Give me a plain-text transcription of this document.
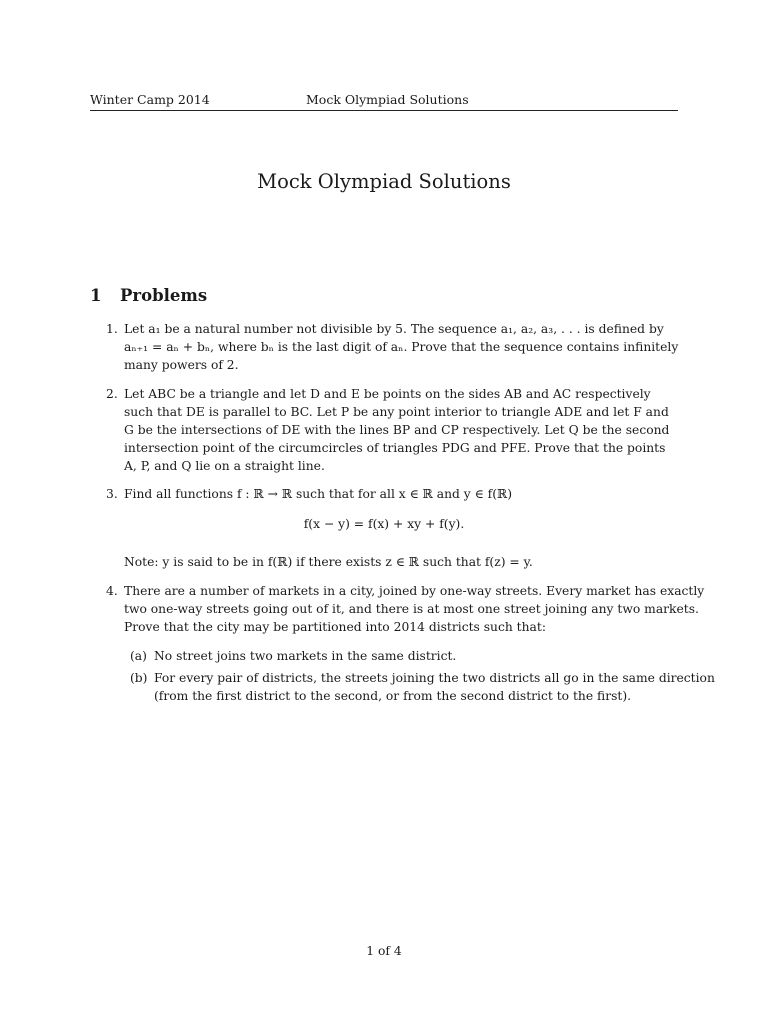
Winter Camp 2014	Mock Olympiad Solutions
Mock Olympiad Solutions
1 Problems
1. Let a₁ be a natural number not divisible by 5. The sequence a₁, a₂, a₃, . . . is defined by
aₙ₊₁ = aₙ + bₙ, where bₙ is the last digit of aₙ. Prove that the sequence contains infinitely
many powers of 2.
2. Let ABC be a triangle and let D and E be points on the sides AB and AC respectively
such that DE is parallel to BC. Let P be any point interior to triangle ADE and let F and
G be the intersections of DE with the lines BP and CP respectively. Let Q be the second
intersection point of the circumcircles of triangles PDG and PFE. Prove that the points
A, P, and Q lie on a straight line.
3. Find all functions f : ℝ → ℝ such that for all x ∈ ℝ and y ∈ f(ℝ)
f(x − y) = f(x) + xy + f(y).
Note: y is said to be in f(ℝ) if there exists z ∈ ℝ such that f(z) = y.
4. There are a number of markets in a city, joined by one-way streets. Every market has exactly
two one-way streets going out of it, and there is at most one street joining any two markets.
Prove that the city may be partitioned into 2014 districts such that:
(a) No street joins two markets in the same district.
(b) For every pair of districts, the streets joining the two districts all go in the same direction
(from the first district to the second, or from the second district to the first).
1 of 4
